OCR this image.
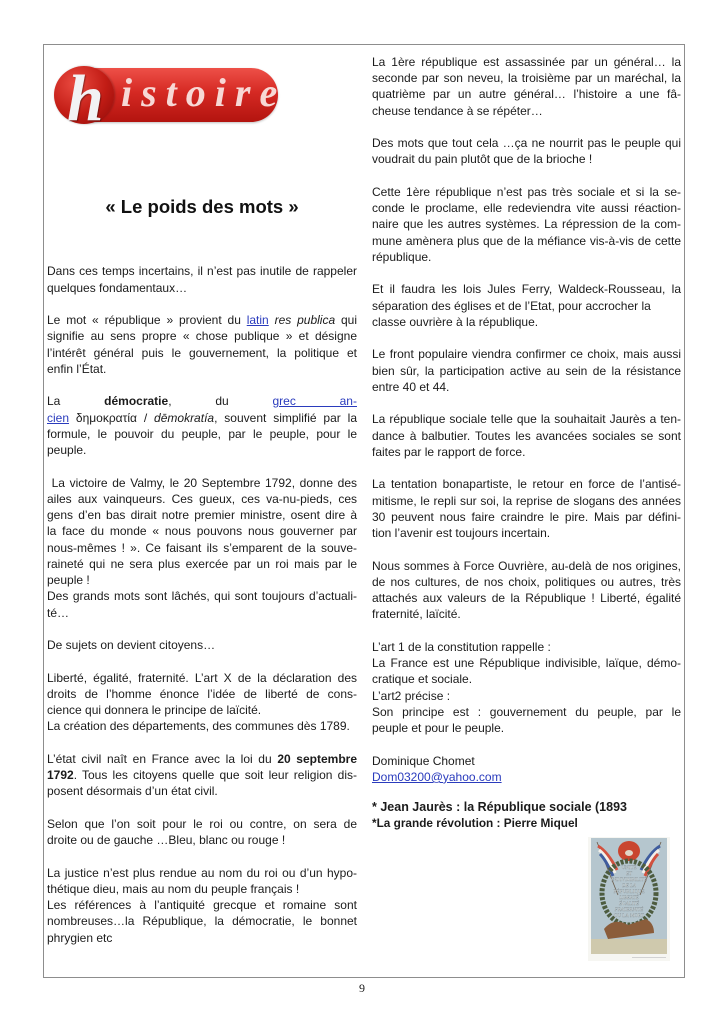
h istoire
« Le poids des mots »
Dans ces temps incertains, il n’est pas inutile de rappeler
quelques fondamentaux…
Le mot « république » provient du latin res publica qui
signifie au sens propre « chose publique » et désigne
l’intérêt général puis le gouvernement, la politique et
enfin l’État.
La démocratie, du grec an-
cien δημοκρατία / dēmokratía, souvent simplifié par la
formule, le pouvoir du peuple, par le peuple, pour le
peuple.
La victoire de Valmy, le 20 Septembre 1792, donne des
ailes aux vainqueurs. Ces gueux, ces va-nu-pieds, ces
gens d’en bas dirait notre premier ministre, osent dire à
la face du monde « nous pouvons nous gouverner par
nous-mêmes ! ». Ce faisant ils s’emparent de la souve-
raineté qui ne sera plus exercée par un roi mais par le
peuple !
Des grands mots sont lâchés, qui sont toujours d’actuali-
té…
De sujets on devient citoyens…
Liberté, égalité, fraternité. L’art X de la déclaration des
droits de l’homme énonce l’idée de liberté de cons-
cience qui donnera le principe de laïcité.
La création des départements, des communes dès 1789.
L’état civil naît en France avec la loi du 20 septembre
1792. Tous les citoyens quelle que soit leur religion dis-
posent désormais d’un état civil.
Selon que l’on soit pour le roi ou contre, on sera de
droite ou de gauche …Bleu, blanc ou rouge !
La justice n’est plus rendue au nom du roi ou d’un hypo-
thétique dieu, mais au nom du peuple français !
Les références à l’antiquité grecque et romaine sont
nombreuses…la République, la démocratie, le bonnet
phrygien etc
La 1ère république est assassinée par un général… la
seconde par son neveu, la troisième par un maréchal, la
quatrième par un autre général… l’histoire a une fâ-
cheuse tendance à se répéter…
Des mots que tout cela …ça ne nourrit pas le peuple qui
voudrait du pain plutôt que de la brioche !
Cette 1ère république n’est pas très sociale et si la se-
conde le proclame, elle redeviendra vite aussi réaction-
naire que les autres systèmes. La répression de la com-
mune amènera plus que de la méfiance vis-à-vis de cette
république.
Et il faudra les lois Jules Ferry, Waldeck-Rousseau, la
séparation des églises et de l’Etat, pour accrocher la
classe ouvrière à la république.
Le front populaire viendra confirmer ce choix, mais aussi
bien sûr, la participation active au sein de la résistance
entre 40 et 44.
La république sociale telle que la souhaitait Jaurès a ten-
dance à balbutier. Toutes les avancées sociales se sont
faites par le rapport de force.
La tentation bonapartiste, le retour en force de l’antisé-
mitisme, le repli sur soi, la reprise de slogans des années
30 peuvent nous faire craindre le pire. Mais par défini-
tion l’avenir est toujours incertain.
Nous sommes à Force Ouvrière, au-delà de nos origines,
de nos cultures, de nos choix, politiques ou autres, très
attachés aux valeurs de la République ! Liberté, égalité
fraternité, laïcité.
L’art 1 de la constitution rappelle :
La France est une République indivisible, laïque, démo-
cratique et sociale.
L’art2 précise :
Son principe est : gouvernement du peuple, par le
peuple et pour le peuple.
Dominique Chomet
Dom03200@yahoo.com
* Jean Jaurès : la République sociale (1893
*La grande révolution : Pierre Miquel
UNITÉ
ET
INDIVISIBILITÉ
DE LA
RÉPUBLIQUE
LIBERTÉ
ÉGALITÉ
FRATERNITÉ
OU LA MORT
9
